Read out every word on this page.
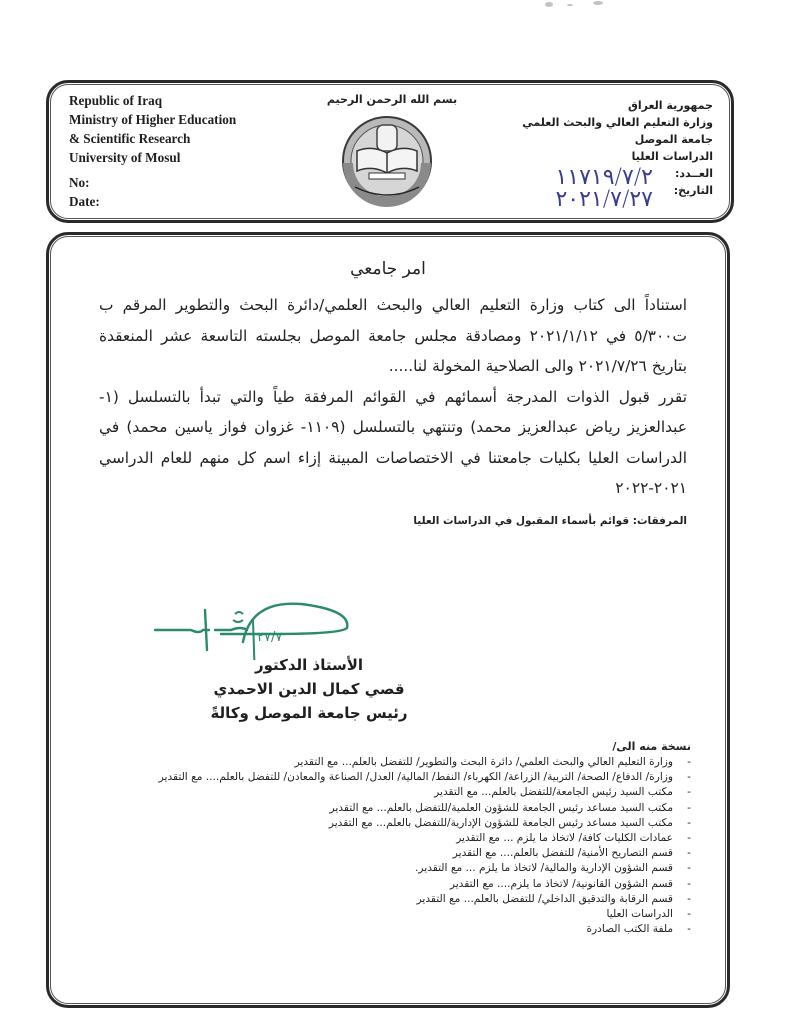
Republic of Iraq
Ministry of Higher Education
& Scientific Research
University of Mosul
No:
Date:
بسم الله الرحمن الرحيم	جمهورية العراق
وزارة التعليم العالي والبحث العلمي
جامعة الموصل
الدراسات العليا
العــدد:
التاريخ:
١١٧١٩/٧/٢
٢٠٢١/٧/٢٧
امر جامعي
استناداً الى كتاب وزارة التعليم العالي والبحث العلمي/دائرة البحث والتطوير المرقم ب ت٥/٣٠٠ في ٢٠٢١/١/١٢ ومصادقة مجلس جامعة الموصل بجلسته التاسعة عشر المنعقدة بتاريخ ٢٠٢١/٧/٢٦ والى الصلاحية المخولة لنا.....
تقرر قبول الذوات المدرجة أسمائهم في القوائم المرفقة طياً والتي تبدأ بالتسلسل (١- عبدالعزيز رياض عبدالعزيز محمد) وتنتهي بالتسلسل (١١٠٩- غزوان فواز ياسين محمد) في الدراسات العليا بكليات جامعتنا في الاختصاصات المبينة إزاء اسم كل منهم للعام الدراسي ٢٠٢١-٢٠٢٢
المرفقات: قوائم بأسماء المقبول في الدراسات العليا
٢٧/٧
الأستاذ الدكتور
قصي كمال الدين الاحمدي
رئيس جامعة الموصل وكالةً
نسخة منه الى/
-
وزارة التعليم العالي والبحث العلمي/ دائرة البحث والتطوير/ للتفضل بالعلم... مع التقدير
-
وزارة/ الدفاع/ الصحة/ التربية/ الزراعة/ الكهرباء/ النفط/ المالية/ العدل/ الصناعة والمعادن/ للتفضل بالعلم.... مع التقدير
-
مكتب السيد رئيس الجامعة/للتفضل بالعلم... مع التقدير
-
مكتب السيد مساعد رئيس الجامعة للشؤون العلمية/للتفضل بالعلم... مع التقدير
-
مكتب السيد مساعد رئيس الجامعة للشؤون الإدارية/للتفضل بالعلم... مع التقدير
-
عمادات الكليات كافة/ لاتخاذ ما يلزم ... مع التقدير
-
قسم التصاريح الأمنية/ للتفضل بالعلم.... مع التقدير
-
قسم الشؤون الإدارية والمالية/ لاتخاذ ما يلزم ... مع التقدير.
-
قسم الشؤون القانونية/ لاتخاذ ما يلزم.... مع التقدير
-
قسم الرقابة والتدقيق الداخلي/ للتفضل بالعلم... مع التقدير
-
الدراسات العليا
-
ملفة الكتب الصادرة
